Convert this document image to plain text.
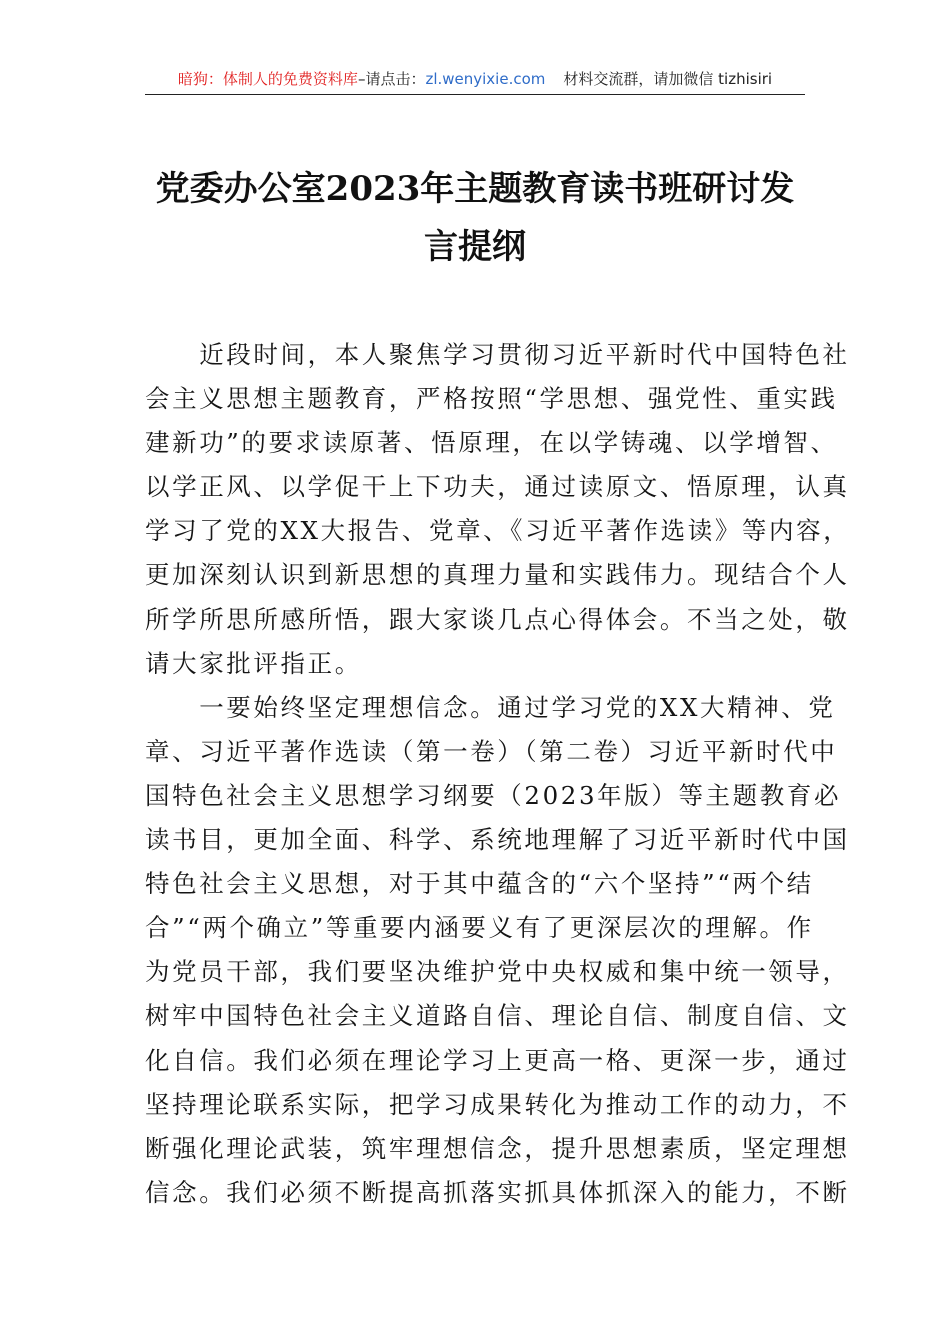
暗狗：体制人的免费资料库–请点击：zl.wenyixie.com 材料交流群，请加微信 tizhisiri
党委办公室2023年主题教育读书班研讨发
言提纲
　　近段时间，本人聚焦学习贯彻习近平新时代中国特色社
会主义思想主题教育，严格按照“学思想、强党性、重实践
建新功”的要求读原著、悟原理，在以学铸魂、以学增智、
以学正风、以学促干上下功夫，通过读原文、悟原理，认真
学习了党的XX大报告、党章、《习近平著作选读》等内容，
更加深刻认识到新思想的真理力量和实践伟力。现结合个人
所学所思所感所悟，跟大家谈几点心得体会。不当之处，敬
请大家批评指正。
　　一要始终坚定理想信念。通过学习党的XX大精神、党
章、习近平著作选读（第一卷）（第二卷）习近平新时代中
国特色社会主义思想学习纲要（2023年版）等主题教育必
读书目，更加全面、科学、系统地理解了习近平新时代中国
特色社会主义思想，对于其中蕴含的“六个坚持”“两个结
合”“两个确立”等重要内涵要义有了更深层次的理解。作
为党员干部，我们要坚决维护党中央权威和集中统一领导，
树牢中国特色社会主义道路自信、理论自信、制度自信、文
化自信。我们必须在理论学习上更高一格、更深一步，通过
坚持理论联系实际，把学习成果转化为推动工作的动力，不
断强化理论武装，筑牢理想信念，提升思想素质，坚定理想
信念。我们必须不断提高抓落实抓具体抓深入的能力，不断
